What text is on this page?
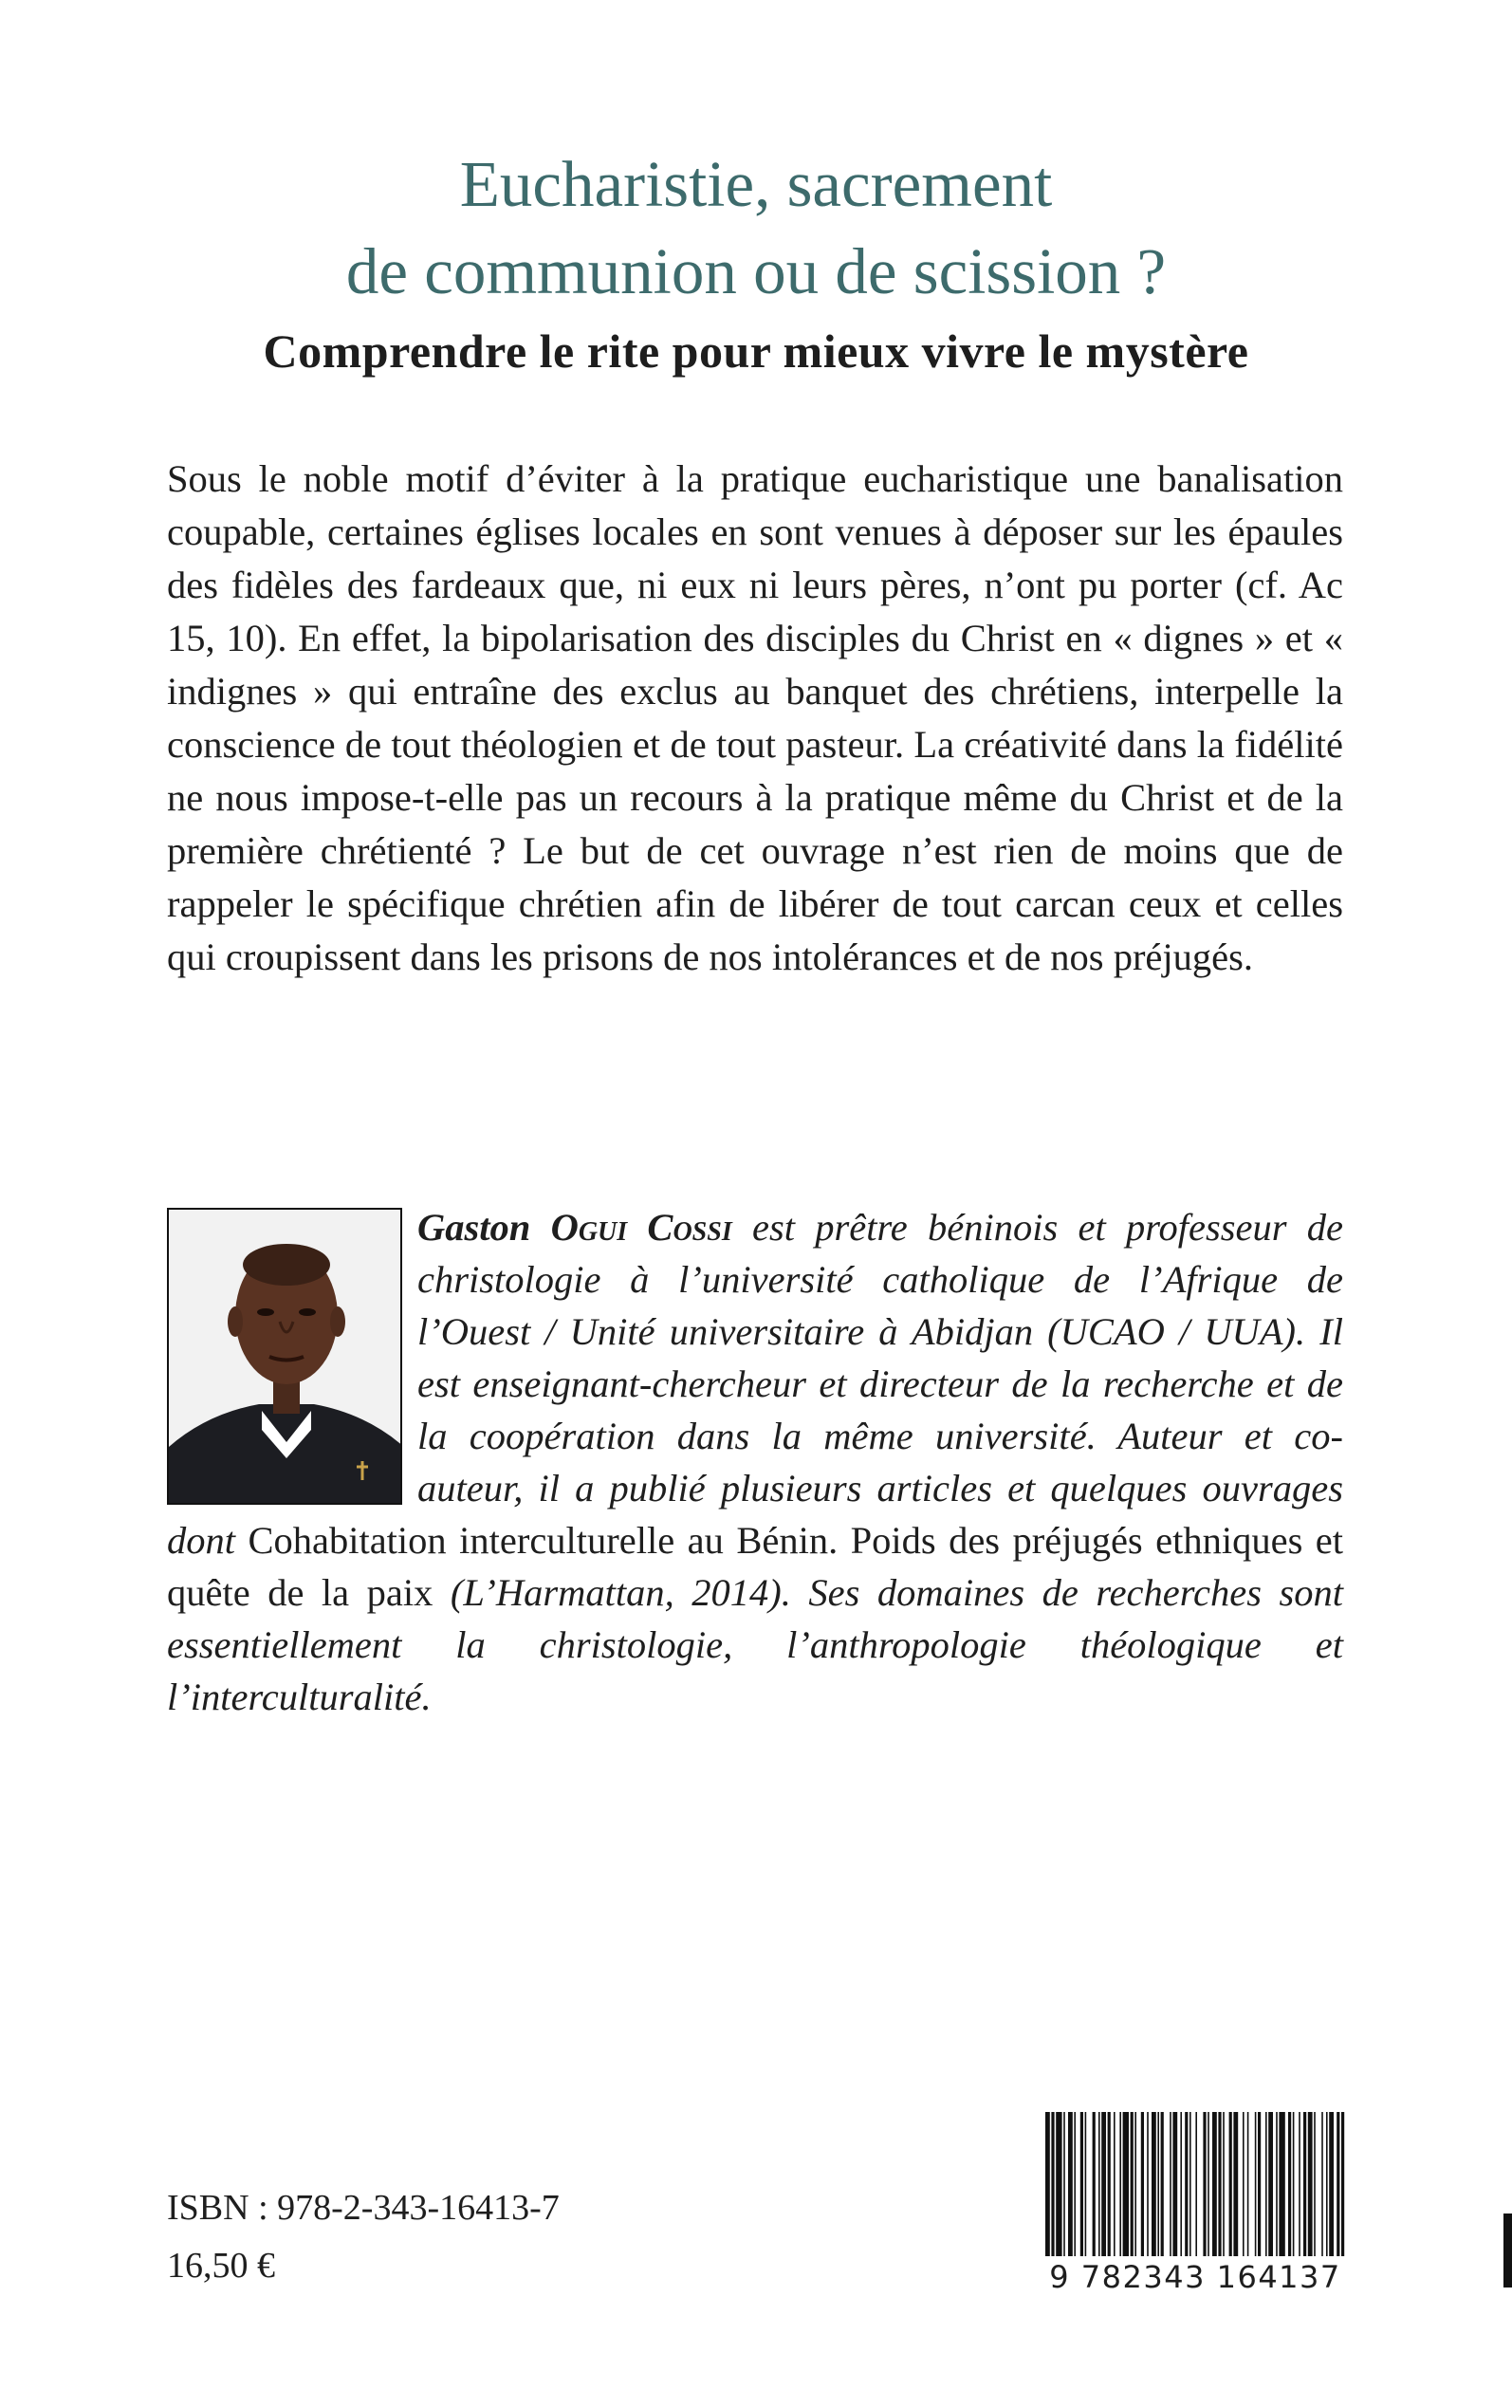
Eucharistie, sacrement
de communion ou de scission ?
Comprendre le rite pour mieux vivre le mystère

Sous le noble motif d’éviter à la pratique eucharistique une banalisation coupable, certaines églises locales en sont venues à déposer sur les épaules des fidèles des fardeaux que, ni eux ni leurs pères, n’ont pu porter (cf. Ac 15, 10). En effet, la bipolarisation des disciples du Christ en « dignes » et « indignes » qui entraîne des exclus au banquet des chrétiens, interpelle la conscience de tout théologien et de tout pasteur. La créativité dans la fidélité ne nous impose-t-elle pas un recours à la pratique même du Christ et de la première chrétienté ? Le but de cet ouvrage n’est rien de moins que de rappeler le spécifique chrétien afin de libérer de tout carcan ceux et celles qui croupissent dans les prisons de nos intolérances et de nos préjugés.

Gaston Ogui Cossi est prêtre béninois et professeur de christologie à l’université catholique de l’Afrique de l’Ouest / Unité universitaire à Abidjan (UCAO / UUA). Il est enseignant-chercheur et directeur de la recherche et de la coopération dans la même université. Auteur et co-auteur, il a publié plusieurs articles et quelques ouvrages dont Cohabitation interculturelle au Bénin. Poids des préjugés ethniques et quête de la paix (L’Harmattan, 2014). Ses domaines de recherches sont essentiellement la christologie, l’anthropologie théologique et l’interculturalité.

ISBN : 978-2-343-16413-7
16,50 €	9 782343 164137
